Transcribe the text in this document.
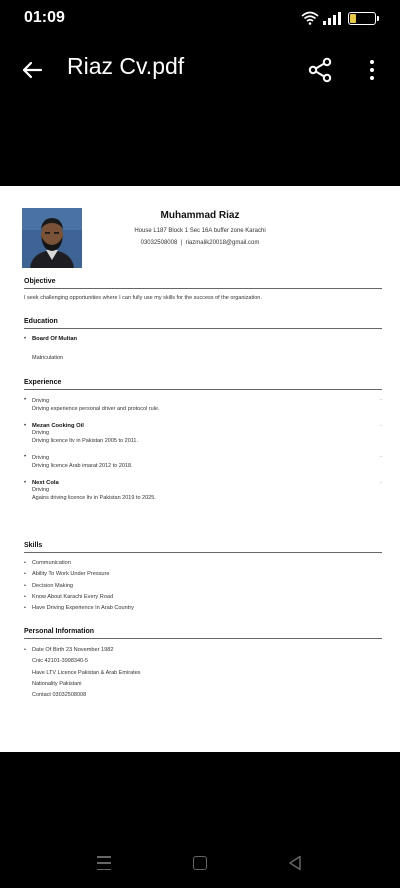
01:09	20
Riaz Cv.pdf
Muhammad Riaz
House L187 Block 1 Sec 16A buffer zone Karachi
03032508008 | riazmalik20018@gmail.com
Objective
I seek challenging opportunities where I can fully use my skills for the success of the organization.
Education
• Board Of Multan
Matriculation
Experience
• Driving
Driving experience personal driver and protocol rule.
-
• Mezan Cooking Oil
Driving
Driving licence ltv in Pakistan 2005 to 2011.
-
• Driving
Driving licence Arab imarat 2012 to 2018.
-
• Next Cola
Driving
Agains driving licence ltv in Pakistan 2019 to 2025.
-
Skills
• Communication
• Ability To Work Under Pressure
• Decision Making
• Know About Karachi Every Road
• Have Driving Experience In Arab Country
Personal Information
• Date Of Birth 23 November 1982
Cnic 42101-3998340-5
Have LTV Licence Pakistan & Arab Emirates
Nationality Pakistani
Contact 03032508008
